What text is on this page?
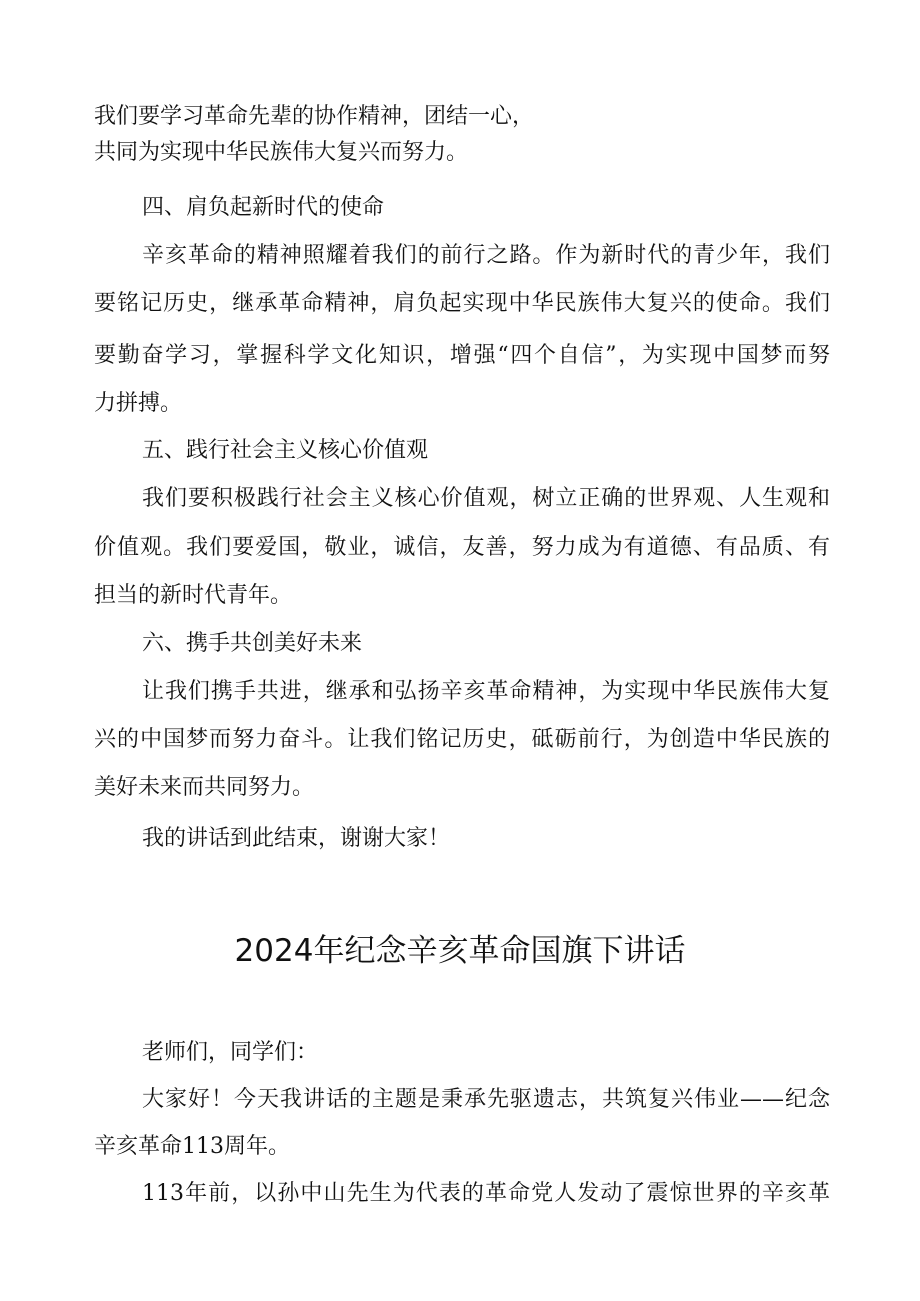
我们要学习革命先辈的协作精神，团结一心，
共同为实现中华民族伟大复兴而努力。
四、肩负起新时代的使命
辛亥革命的精神照耀着我们的前行之路。作为新时代的青少年，我们
要铭记历史，继承革命精神，肩负起实现中华民族伟大复兴的使命。我们
要勤奋学习，掌握科学文化知识，增强“四个自信”，为实现中国梦而努
力拼搏。
五、践行社会主义核心价值观
我们要积极践行社会主义核心价值观，树立正确的世界观、人生观和
价值观。我们要爱国，敬业，诚信，友善，努力成为有道德、有品质、有
担当的新时代青年。
六、携手共创美好未来
让我们携手共进，继承和弘扬辛亥革命精神，为实现中华民族伟大复
兴的中国梦而努力奋斗。让我们铭记历史，砥砺前行，为创造中华民族的
美好未来而共同努力。
我的讲话到此结束，谢谢大家！
2024年纪念辛亥革命国旗下讲话
老师们，同学们：
大家好！今天我讲话的主题是秉承先驱遗志，共筑复兴伟业——纪念
辛亥革命113周年。
113年前，以孙中山先生为代表的革命党人发动了震惊世界的辛亥革
